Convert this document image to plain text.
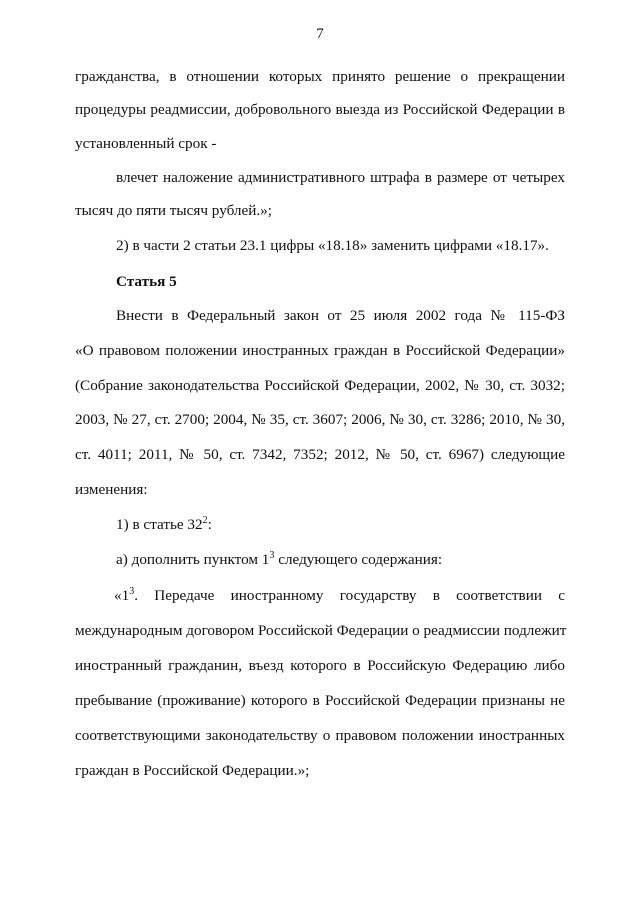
7
гражданства, в отношении которых принято решение о прекращении
процедуры реадмиссии, добровольного выезда из Российской Федерации в
установленный срок -
влечет наложение административного штрафа в размере от четырех
тысяч до пяти тысяч рублей.»;
2) в части 2 статьи 23.1 цифры «18.18» заменить цифрами «18.17».
Статья 5
Внести в Федеральный закон от 25 июля 2002 года № 115-ФЗ
«О правовом положении иностранных граждан в Российской Федерации»
(Собрание законодательства Российской Федерации, 2002, № 30, ст. 3032;
2003, № 27, ст. 2700; 2004, № 35, ст. 3607; 2006, № 30, ст. 3286; 2010, № 30,
ст. 4011; 2011, № 50, ст. 7342, 7352; 2012, № 50, ст. 6967) следующие
изменения:
1) в статье $32^2$:
а) дополнить пунктом $1^3$ следующего содержания:
«$1^3$. Передаче иностранному государству в соответствии с
международным договором Российской Федерации о реадмиссии подлежит
иностранный гражданин, въезд которого в Российскую Федерацию либо
пребывание (проживание) которого в Российской Федерации признаны не
соответствующими законодательству о правовом положении иностранных
граждан в Российской Федерации.»;
